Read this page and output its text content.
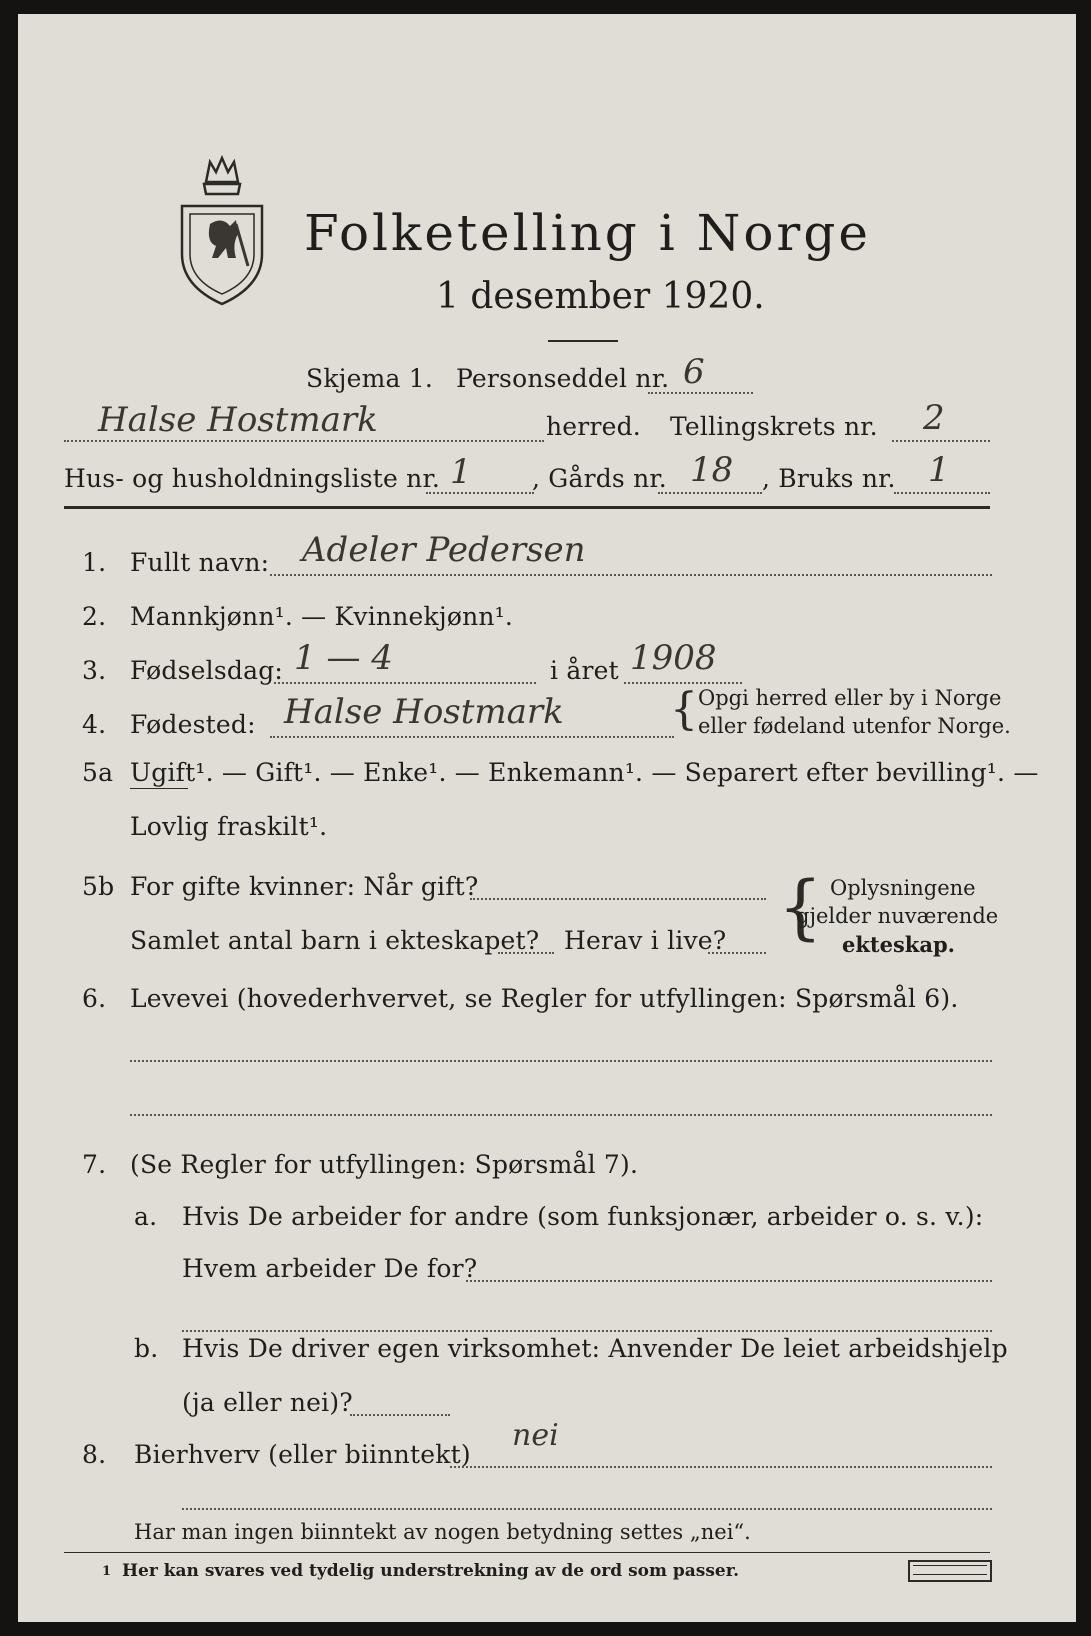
Folketelling i Norge
1 desember 1920.
Skjema 1. Personseddel nr. 6
Halse Hostmark	herred. Tellingskrets nr. 2
Hus- og husholdningsliste nr. 1 , Gårds nr. 18 , Bruks nr. 1
1. Fullt navn: Adeler Pedersen
2. Mannkjønn¹. — Kvinnekjønn¹.
3. Fødselsdag: 1 — 4	i året 1908
4. Fødested: Halse Hostmark { Opgi herred eller by i Norge
eller fødeland utenfor Norge.
5a Ugift¹. — Gift¹. — Enke¹. — Enkemann¹. — Separert efter bevilling¹. —
Lovlig fraskilt¹.
5b For gifte kvinner: Når gift?
Samlet antal barn i ekteskapet? Herav i live? { Oplysningene
gjelder nuværende
ekteskap.
6. Levevei (hovederhvervet, se Regler for utfyllingen: Spørsmål 6).
7. (Se Regler for utfyllingen: Spørsmål 7).
a. Hvis De arbeider for andre (som funksjonær, arbeider o. s. v.):
Hvem arbeider De for?
b. Hvis De driver egen virksomhet: Anvender De leiet arbeidshjelp
(ja eller nei)?
8. Bierhverv (eller biinntekt)
nei
Har man ingen biinntekt av nogen betydning settes „nei“.
1 Her kan svares ved tydelig understrekning av de ord som passer.
